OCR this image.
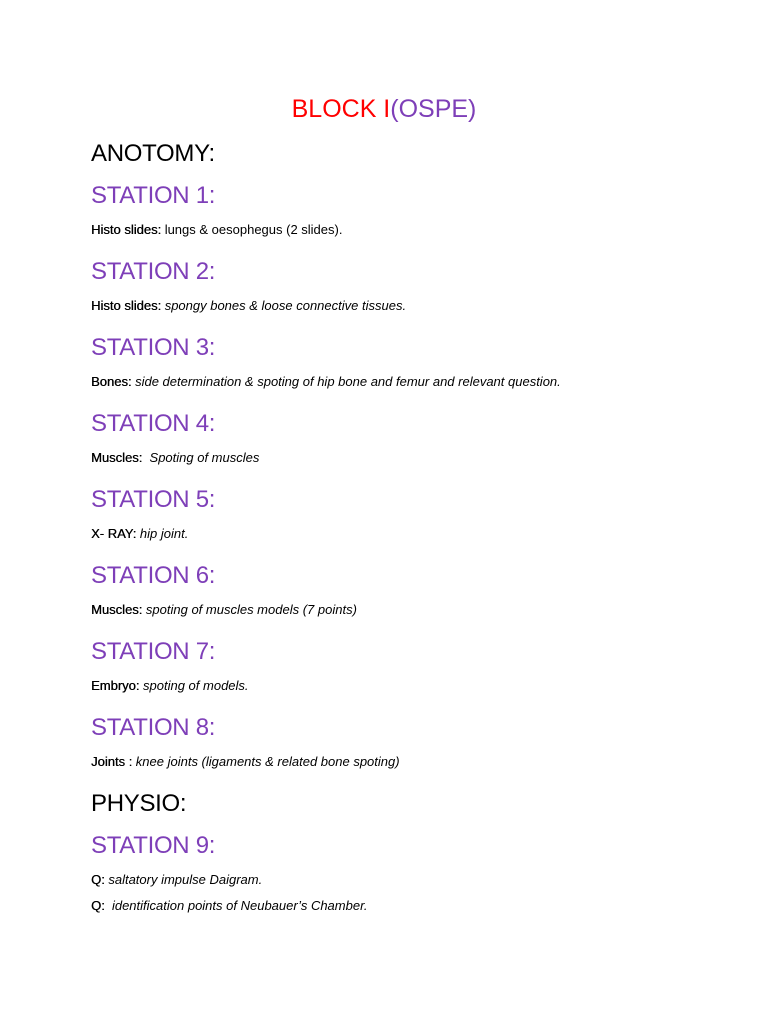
BLOCK I(OSPE)
ANOTOMY:
STATION 1:

Histo slides: lungs & oesophegus (2 slides).

STATION 2:

Histo slides: spongy bones & loose connective tissues.

STATION 3:

Bones: side determination & spoting of hip bone and femur and relevant question.

STATION 4:

Muscles:  Spoting of muscles

STATION 5:

X- RAY: hip joint.

STATION 6:

Muscles: spoting of muscles models (7 points)

STATION 7:

Embryo: spoting of models.

STATION 8:

Joints : knee joints (ligaments & related bone spoting)

PHYSIO:
STATION 9:

Q: saltatory impulse Daigram.

Q:  identification points of Neubauer’s Chamber.
